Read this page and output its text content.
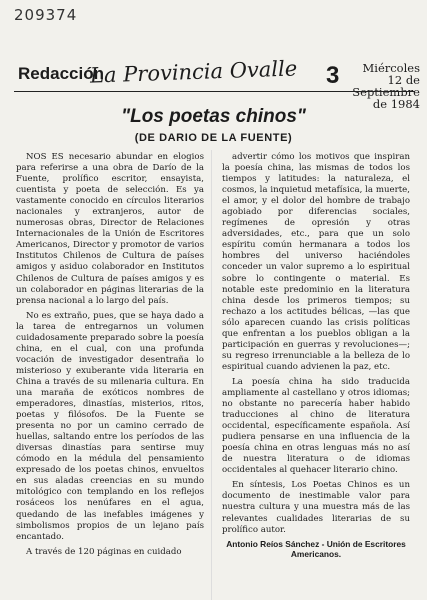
209374
Redacción
La Provincia Ovalle 3	Miércoles 12 de Septiembre de 1984
"Los poetas chinos"
(DE DARIO DE LA FUENTE)

NOS ES necesario abundar en elogios para referirse a una obra de Darío de la Fuente, prolífico escritor, ensayista, cuentista y poeta de selección. Es ya vastamente conocido en círculos literarios nacionales y extranjeros, autor de numerosas obras, Director de Relaciones Internacionales de la Unión de Escritores Americanos, Director y promotor de varios Institutos Chilenos de Cultura de países amigos y asiduo colaborador en Institutos Chilenos de Cultura de países amigos y es un colaborador en páginas literarias de la prensa nacional a lo largo del país.

No es extraño, pues, que se haya dado a la tarea de entregarnos un volumen cuidadosamente preparado sobre la poesía china, en el cual, con una profunda vocación de investigador desentraña lo misterioso y exuberante vida literaria en China a través de su milenaria cultura. En una maraña de exóticos nombres de emperadores, dinastías, misterios, ritos, poetas y filósofos. De la Fuente se presenta no por un camino cerrado de huellas, saltando entre los períodos de las diversas dinastías para sentirse muy cómodo en la médula del pensamiento expresado de los poetas chinos, envueltos en sus aladas creencias en su mundo mitológico con templando en los reflejos rosáceos los nenúfares en el agua, quedando de las inefables imágenes y simbolismos propios de un lejano país encantado.

A través de 120 páginas en cuidado

advertir cómo los motivos que inspiran la poesía china, las mismas de todos los tiempos y latitudes: la naturaleza, el cosmos, la inquietud metafísica, la muerte, el amor, y el dolor del hombre de trabajo agobiado por diferencias sociales, regímenes de opresión y otras adversidades, etc., para que un solo espíritu común hermanara a todos los hombres del universo haciéndoles conceder un valor supremo a lo espiritual sobre lo contingente o material. Es notable este predominio en la literatura china desde los primeros tiempos; su rechazo a los actitudes bélicas, —las que sólo aparecen cuando las crisis políticas que enfrentan a los pueblos obligan a la participación en guerras y revoluciones—; su regreso irrenunciable a la belleza de lo espiritual cuando advienen la paz, etc.

La poesía china ha sido traducida ampliamente al castellano y otros idiomas; no obstante no parecería haber habido traducciones al chino de literatura occidental, específicamente española. Así pudiera pensarse en una influencia de la poesía china en otras lenguas más no así de nuestra literatura o de idiomas occidentales al quehacer literario chino.

En síntesis, Los Poetas Chinos es un documento de inestimable valor para nuestra cultura y una muestra más de las relevantes cualidades literarias de su prolífico autor.

Antonio Reíos Sánchez - Unión de Escritores Americanos.
